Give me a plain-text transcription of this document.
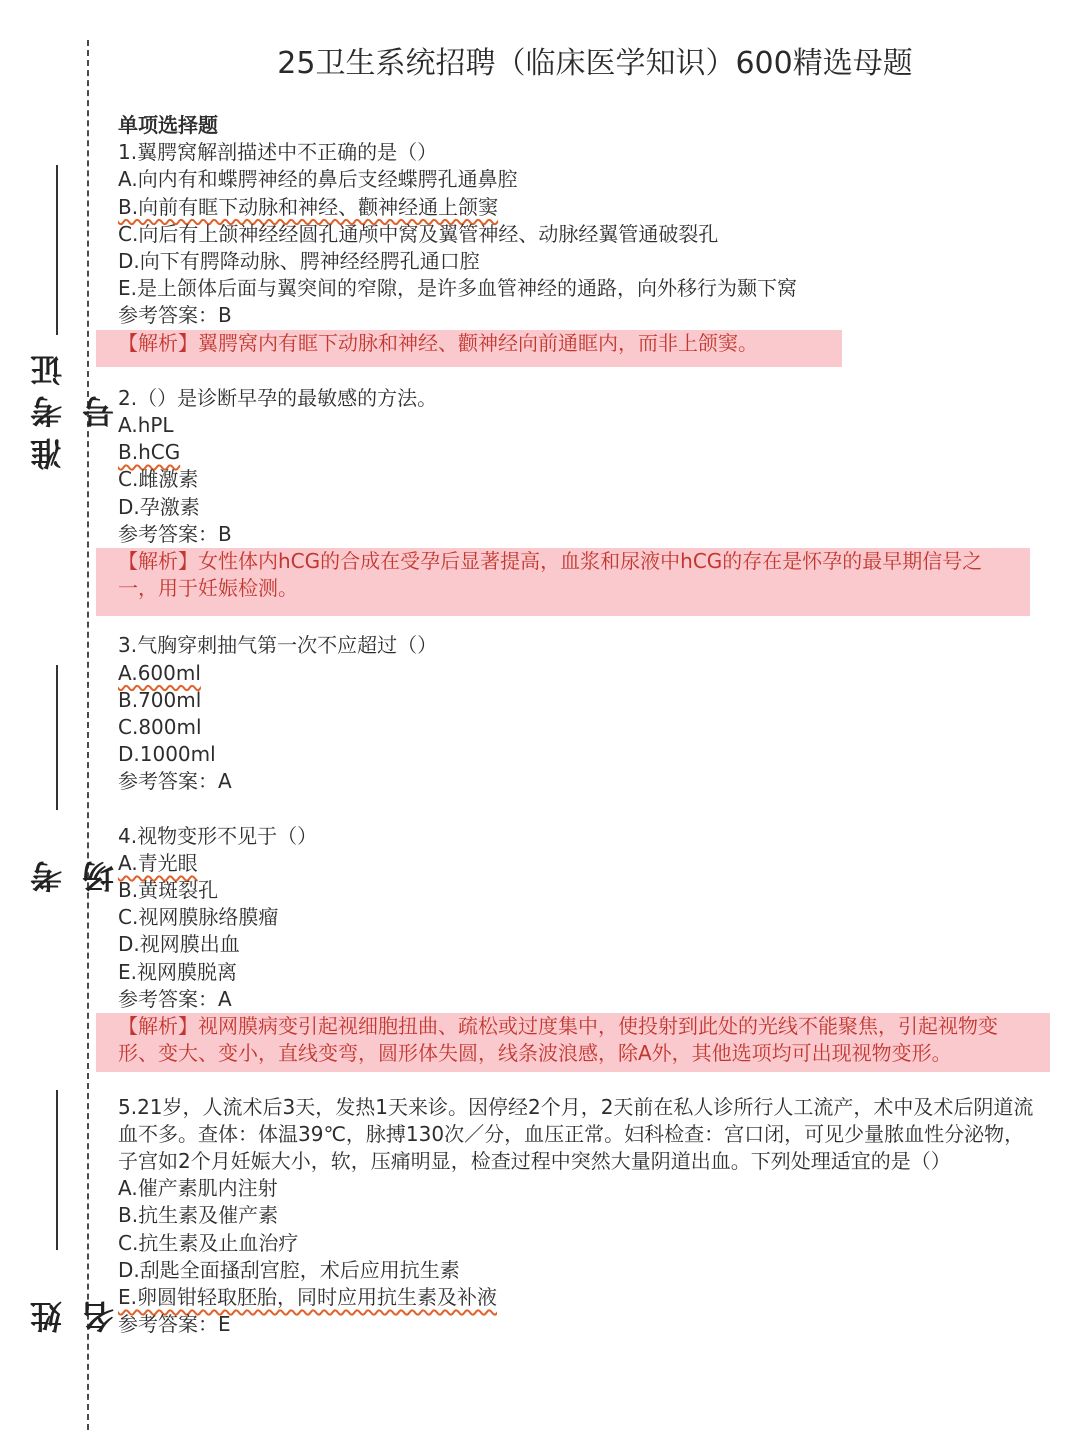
准考证号
考场
姓名
25卫生系统招聘（临床医学知识）600精选母题
单项选择题
1.翼腭窝解剖描述中不正确的是（）
A.向内有和蝶腭神经的鼻后支经蝶腭孔通鼻腔
B.向前有眶下动脉和神经、颧神经通上颌窦
C.向后有上颌神经经圆孔通颅中窝及翼管神经、动脉经翼管通破裂孔
D.向下有腭降动脉、腭神经经腭孔通口腔
E.是上颌体后面与翼突间的窄隙，是许多血管神经的通路，向外移行为颞下窝
参考答案：B
【解析】翼腭窝内有眶下动脉和神经、颧神经向前通眶内，而非上颌窦。
2.（）是诊断早孕的最敏感的方法。
A.hPL
B.hCG
C.雌激素
D.孕激素
参考答案：B
【解析】女性体内hCG的合成在受孕后显著提高，血浆和尿液中hCG的存在是怀孕的最早期信号之一，用于妊娠检测。
3.气胸穿刺抽气第一次不应超过（）
A.600ml
B.700ml
C.800ml
D.1000ml
参考答案：A
4.视物变形不见于（）
A.青光眼
B.黄斑裂孔
C.视网膜脉络膜瘤
D.视网膜出血
E.视网膜脱离
参考答案：A
【解析】视网膜病变引起视细胞扭曲、疏松或过度集中，使投射到此处的光线不能聚焦，引起视物变形、变大、变小，直线变弯，圆形体失圆，线条波浪感，除A外，其他选项均可出现视物变形。
5.21岁，人流术后3天，发热1天来诊。因停经2个月，2天前在私人诊所行人工流产，术中及术后阴道流血不多。查体：体温39℃，脉搏130次／分，血压正常。妇科检查：宫口闭，可见少量脓血性分泌物，子宫如2个月妊娠大小，软，压痛明显，检查过程中突然大量阴道出血。下列处理适宜的是（）
A.催产素肌内注射
B.抗生素及催产素
C.抗生素及止血治疗
D.刮匙全面搔刮宫腔，术后应用抗生素
E.卵圆钳轻取胚胎，同时应用抗生素及补液
参考答案：E
